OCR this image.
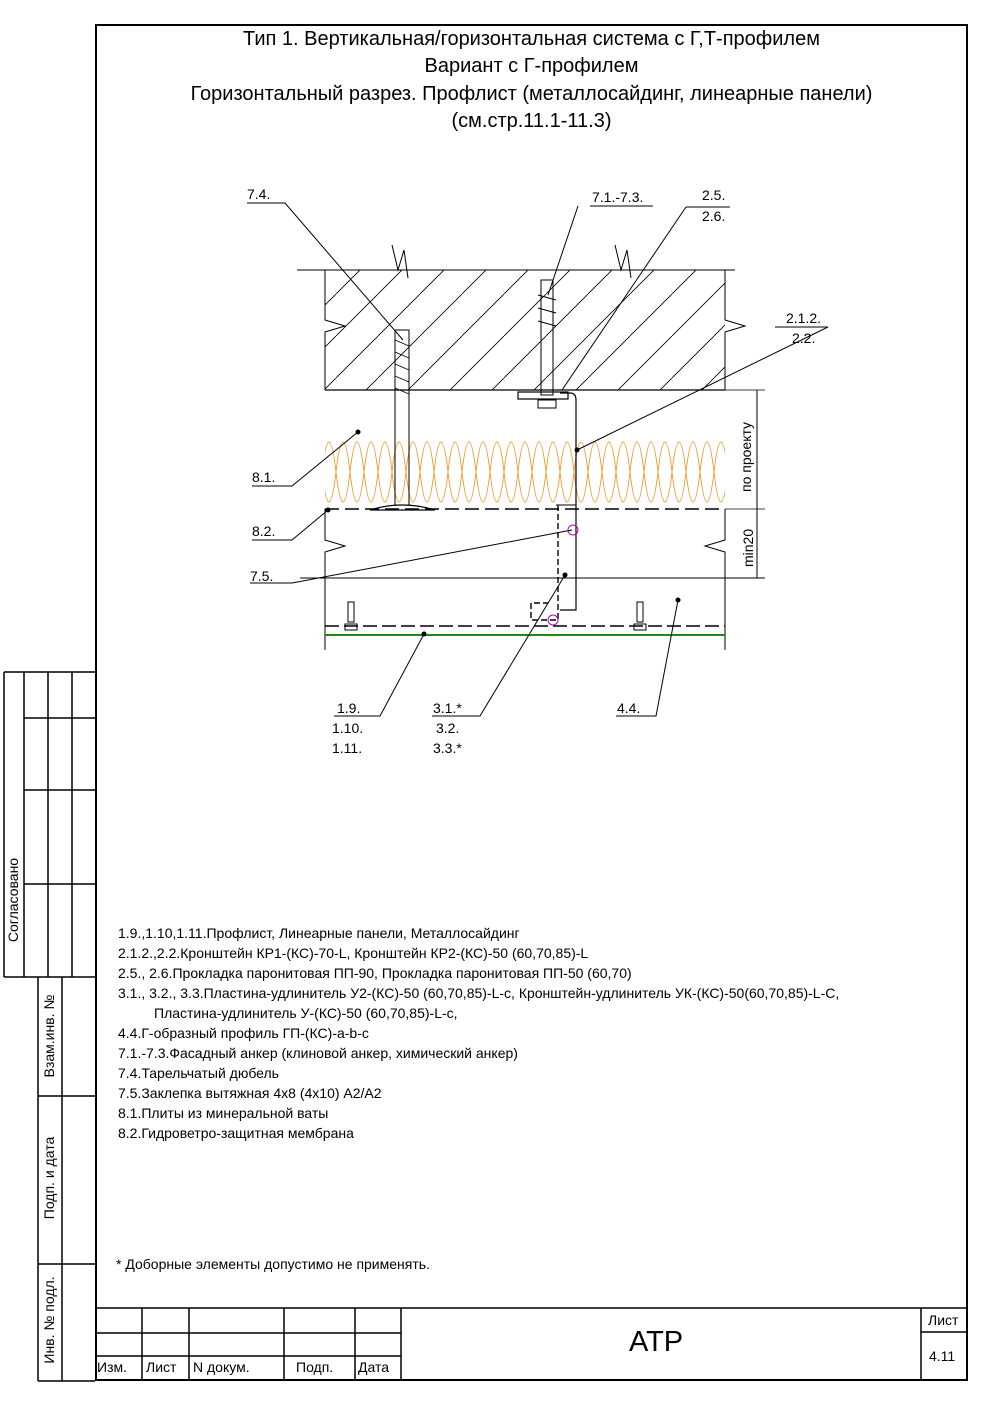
Тип 1. Вертикальная/горизонтальная система с Г,Т-профилем
Вариант с Г-профилем
Горизонтальный разрез. Профлист (металлосайдинг, линеарные панели)
(см.стр.11.1-11.3)
7.4.	7.1.-7.3.	2.5.
2.6.
2.1.2.
2.2.
8.1.
8.2.
7.5.
1.9.
1.10.
1.11.
3.1.*
3.2.
3.3.*
4.4.
по проекту
min20
1.9.,1.10,1.11.Профлист, Линеарные панели, Металлосайдинг
2.1.2.,2.2.Кронштейн КР1-(КС)-70-L, Кронштейн КР2-(КС)-50 (60,70,85)-L
2.5., 2.6.Прокладка паронитовая ПП-90, Прокладка паронитовая ПП-50 (60,70)
3.1., 3.2., 3.3.Пластина-удлинитель У2-(КС)-50 (60,70,85)-L-c, Кронштейн-удлинитель УК-(КС)-50(60,70,85)-L-C,
Пластина-удлинитель У-(КС)-50 (60,70,85)-L-c,
4.4.Г-образный профиль ГП-(КС)-a-b-c
7.1.-7.3.Фасадный анкер (клиновой анкер, химический анкер)
7.4.Тарельчатый дюбель
7.5.Заклепка вытяжная 4х8 (4х10) А2/А2
8.1.Плиты из минеральной ваты
8.2.Гидроветро-защитная мембрана
* Доборные элементы допустимо не применять.
Согласовано
Взам.инв. №
Подп. и дата
Инв. № подл.
Изм. Лист N докум.	Подп. Дата
АТР
Лист
4.11
